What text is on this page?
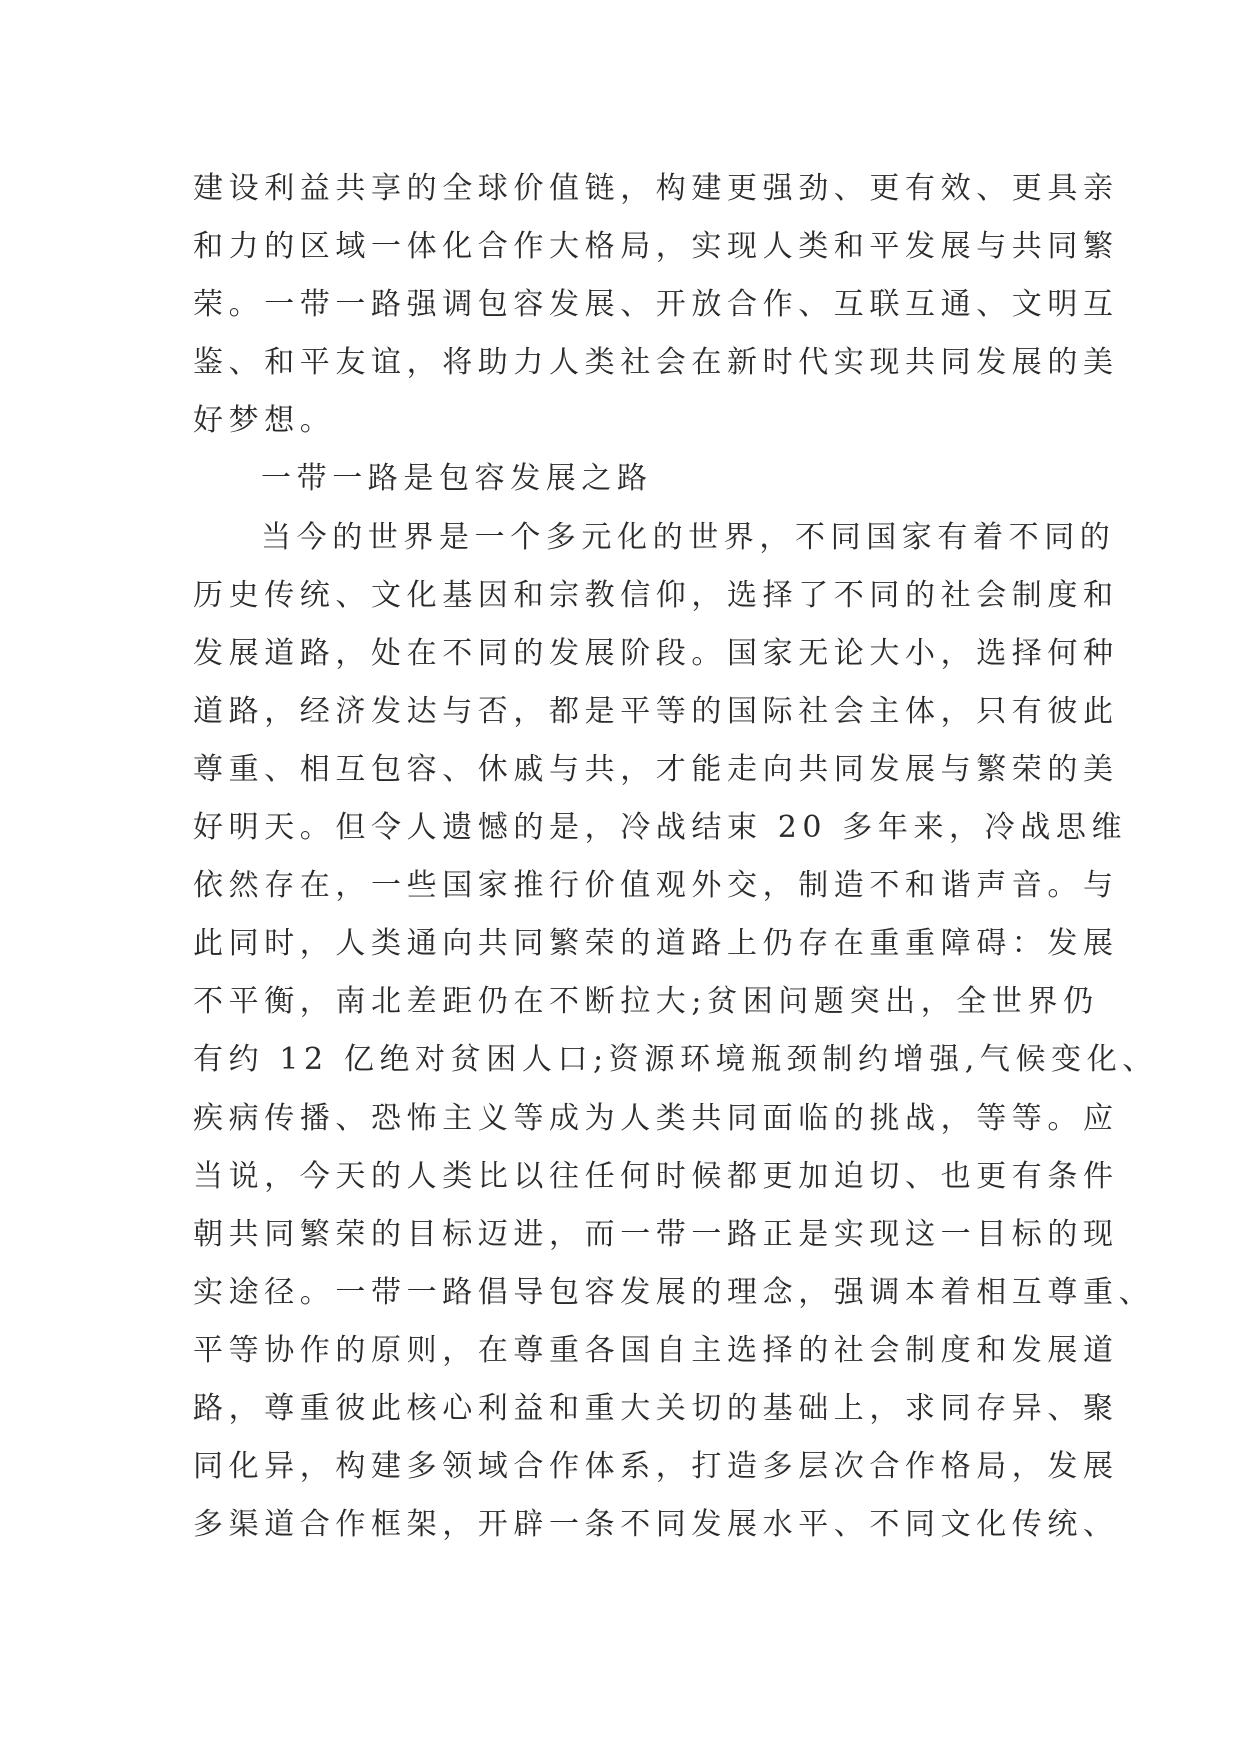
建设利益共享的全球价值链，构建更强劲、更有效、更具亲
和力的区域一体化合作大格局，实现人类和平发展与共同繁
荣。一带一路强调包容发展、开放合作、互联互通、文明互
鉴、和平友谊，将助力人类社会在新时代实现共同发展的美
好梦想。
一带一路是包容发展之路
当今的世界是一个多元化的世界，不同国家有着不同的
历史传统、文化基因和宗教信仰，选择了不同的社会制度和
发展道路，处在不同的发展阶段。国家无论大小，选择何种
道路，经济发达与否，都是平等的国际社会主体，只有彼此
尊重、相互包容、休戚与共，才能走向共同发展与繁荣的美
好明天。但令人遗憾的是，冷战结束 20 多年来，冷战思维
依然存在，一些国家推行价值观外交，制造不和谐声音。与
此同时，人类通向共同繁荣的道路上仍存在重重障碍：发展
不平衡，南北差距仍在不断拉大;贫困问题突出，全世界仍
有约 12 亿绝对贫困人口;资源环境瓶颈制约增强,气候变化、
疾病传播、恐怖主义等成为人类共同面临的挑战，等等。应
当说，今天的人类比以往任何时候都更加迫切、也更有条件
朝共同繁荣的目标迈进，而一带一路正是实现这一目标的现
实途径。一带一路倡导包容发展的理念，强调本着相互尊重、
平等协作的原则，在尊重各国自主选择的社会制度和发展道
路，尊重彼此核心利益和重大关切的基础上，求同存异、聚
同化异，构建多领域合作体系，打造多层次合作格局，发展
多渠道合作框架，开辟一条不同发展水平、不同文化传统、
